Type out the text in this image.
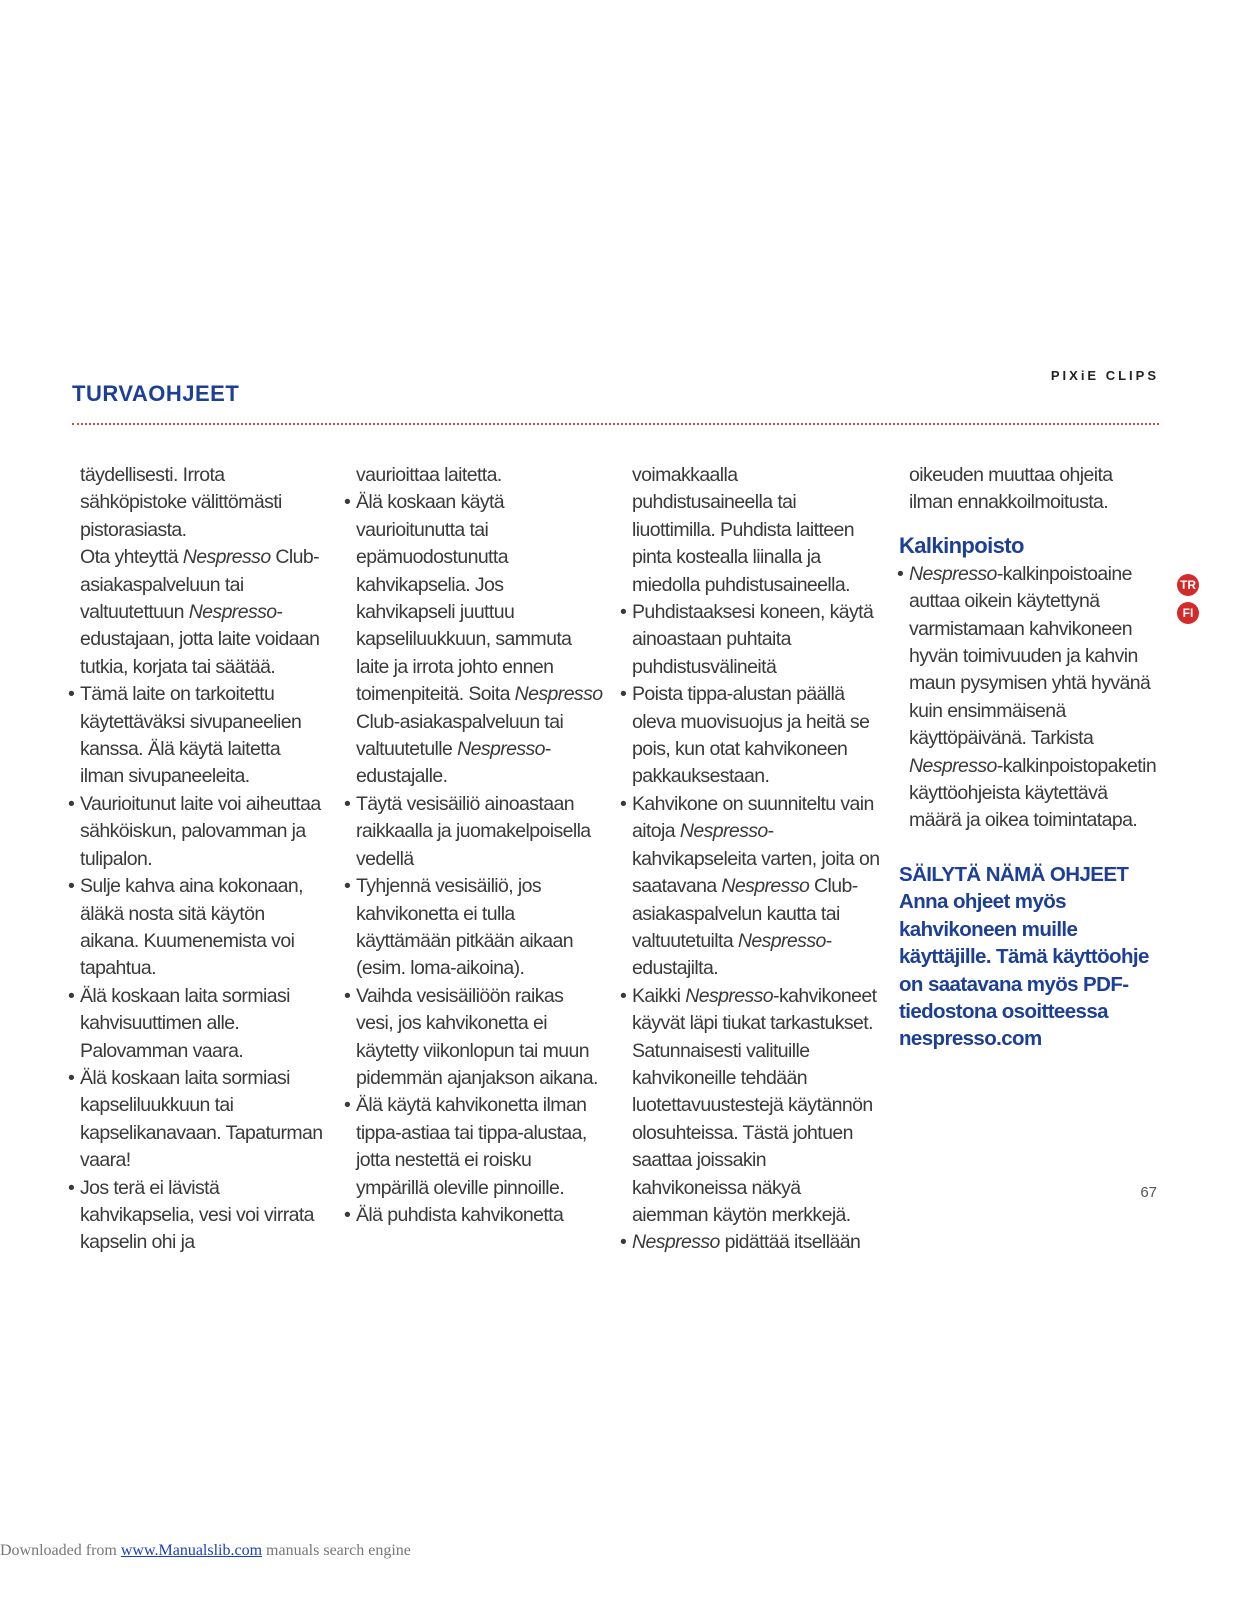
PIXiE CLIPS
TURVAOHJEET
täydellisesti. Irrota sähköpistoke välittömästi pistorasiasta.
Ota yhteyttä Nespresso Club-asiakaspalveluun tai valtuutettuun Nespresso-edustajaan, jotta laite voidaan tutkia, korjata tai säätää.
• Tämä laite on tarkoitettu käytettäväksi sivupaneelien kanssa. Älä käytä laitetta ilman sivupaneeleita.
• Vaurioitunut laite voi aiheuttaa sähköiskun, palovamman ja tulipalon.
• Sulje kahva aina kokonaan, äläkä nosta sitä käytön aikana. Kuumenemista voi tapahtua.
• Älä koskaan laita sormiasi kahvisuuttimen alle. Palovamman vaara.
• Älä koskaan laita sormiasi kapseliluukkuun tai kapselikanavaan. Tapaturman vaara!
• Jos terä ei lävistä kahvikapselia, vesi voi virrata kapselin ohi ja
vaurioittaa laitetta.
• Älä koskaan käytä vaurioitunutta tai epämuodostunutta kahvikapselia. Jos kahvikapseli juuttuu kapseliluukkuun, sammuta laite ja irrota johto ennen toimenpiteitä. Soita Nespresso Club-asiakaspalveluun tai valtuutetulle Nespresso-edustajalle.
• Täytä vesisäiliö ainoastaan raikkaalla ja juomakelpoisella vedellä
• Tyhjennä vesisäiliö, jos kahvikonetta ei tulla käyttämään pitkään aikaan (esim. loma-aikoina).
• Vaihda vesisäiliöön raikas vesi, jos kahvikonetta ei käytetty viikonlopun tai muun pidemmän ajanjakson aikana.
• Älä käytä kahvikonetta ilman tippa-astiaa tai tippa-alustaa, jotta nestettä ei roisku ympärillä oleville pinnoille.
• Älä puhdista kahvikonetta
voimakkaalla puhdistusaineella tai liuottimilla. Puhdista laitteen pinta kostealla liinalla ja miedolla puhdistusaineella.
• Puhdistaaksesi koneen, käytä ainoastaan puhtaita puhdistusvälineitä
• Poista tippa-alustan päällä oleva muovisuojus ja heitä se pois, kun otat kahvikoneen pakkauksestaan.
• Kahvikone on suunniteltu vain aitoja Nespresso-kahvikapseleita varten, joita on saatavana Nespresso Club-asiakaspalvelun kautta tai valtuutetuilta Nespresso-edustajilta.
• Kaikki Nespresso-kahvikoneet käyvät läpi tiukat tarkastukset. Satunnaisesti valituille kahvikoneille tehdään luotettavuustestejä käytännön olosuhteissa. Tästä johtuen saattaa joissakin kahvikoneissa näkyä aiemman käytön merkkejä.
• Nespresso pidättää itsellään
oikeuden muuttaa ohjeita ilman ennakkoilmoitusta.
Kalkinpoisto
• Nespresso-kalkinpoistoaine auttaa oikein käytettynä varmistamaan kahvikoneen hyvän toimivuuden ja kahvin maun pysymisen yhtä hyvänä kuin ensimmäisenä käyttöpäivänä. Tarkista Nespresso-kalkinpoistopaketin käyttöohjeista käytettävä määrä ja oikea toimintatapa.
SÄILYTÄ NÄMÄ OHJEET Anna ohjeet myös kahvikoneen muille käyttäjille. Tämä käyttöohje on saatavana myös PDF-tiedostona osoitteessa nespresso.com
TR
FI
67
Downloaded from www.Manualslib.com manuals search engine
